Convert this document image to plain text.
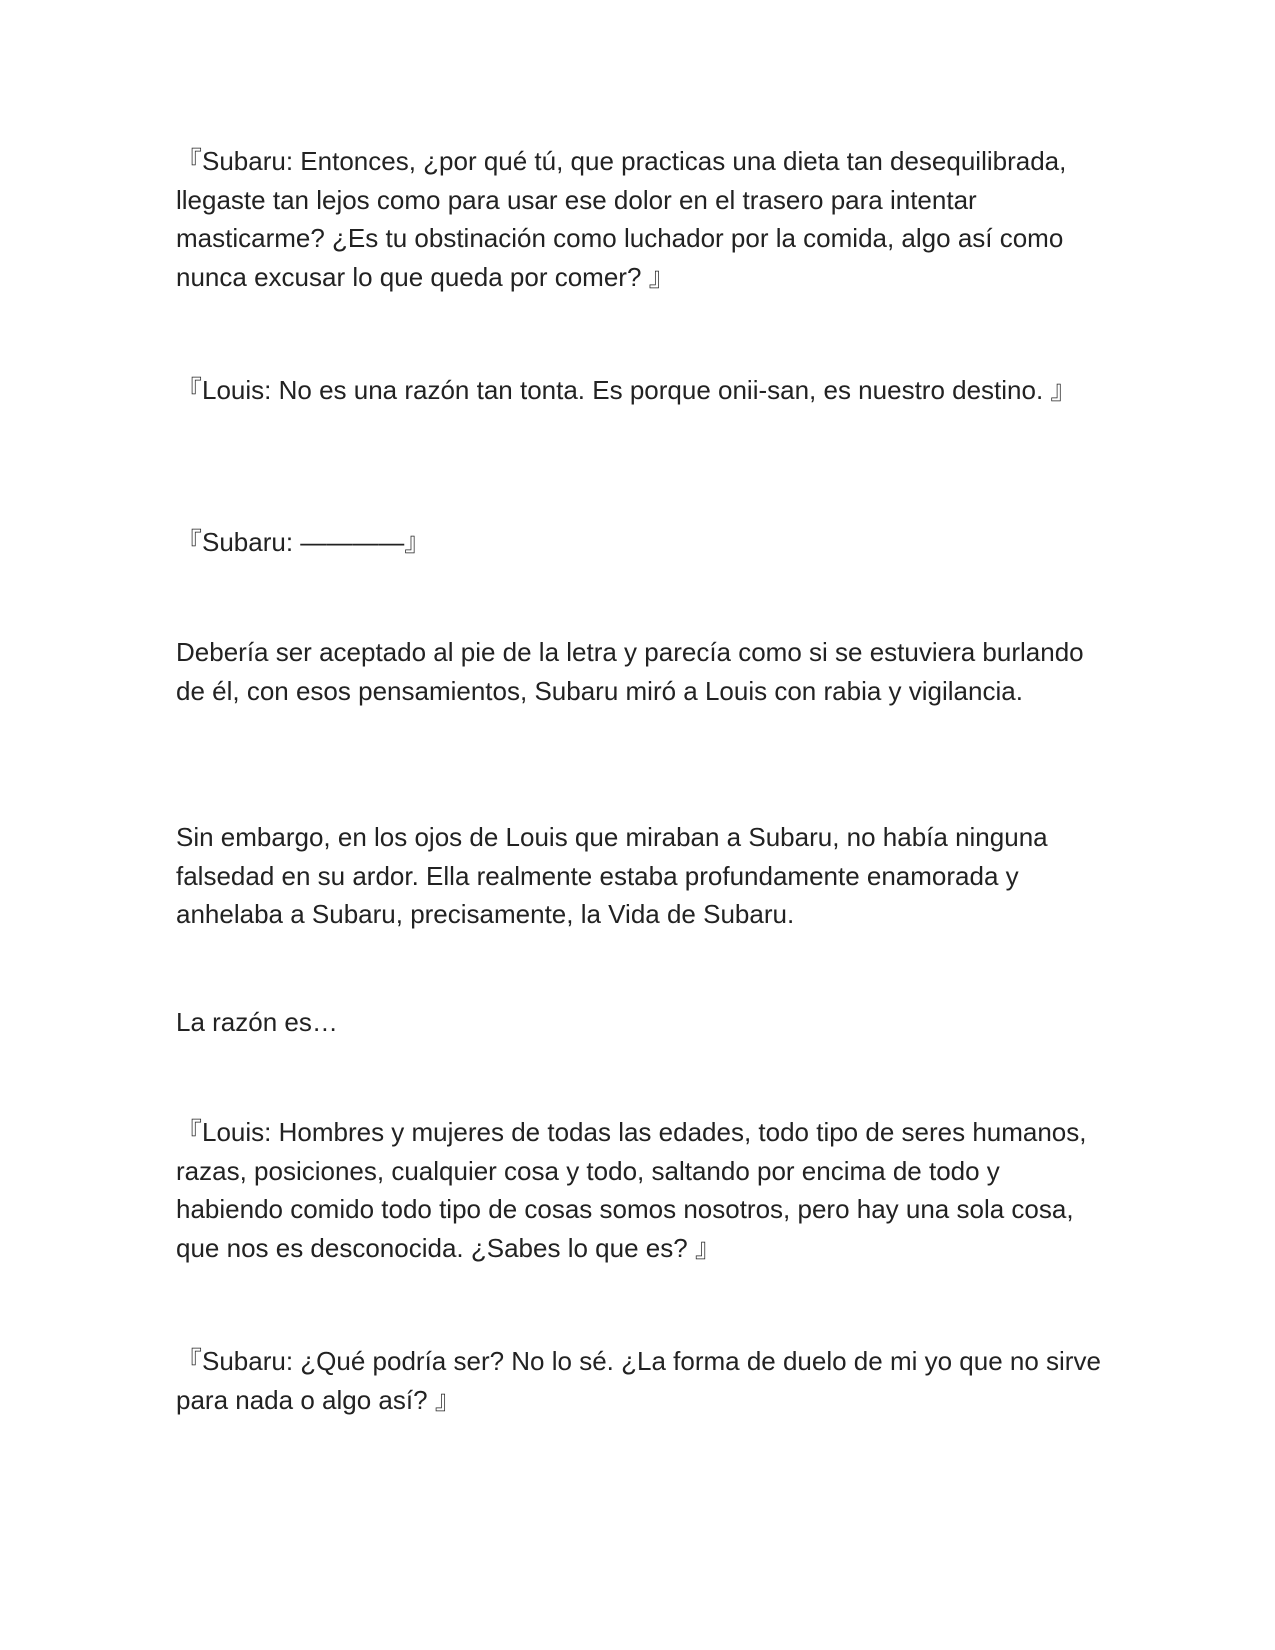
『Subaru: Entonces, ¿por qué tú, que practicas una dieta tan desequilibrada, llegaste tan lejos como para usar ese dolor en el trasero para intentar masticarme? ¿Es tu obstinación como luchador por la comida, algo así como nunca excusar lo que queda por comer? 』

『Louis: No es una razón tan tonta. Es porque onii-san, es nuestro destino. 』

『Subaru: ————』

Debería ser aceptado al pie de la letra y parecía como si se estuviera burlando de él, con esos pensamientos, Subaru miró a Louis con rabia y vigilancia.

Sin embargo, en los ojos de Louis que miraban a Subaru, no había ninguna falsedad en su ardor. Ella realmente estaba profundamente enamorada y anhelaba a Subaru, precisamente, la Vida de Subaru.

La razón es…

『Louis: Hombres y mujeres de todas las edades, todo tipo de seres humanos, razas, posiciones, cualquier cosa y todo, saltando por encima de todo y habiendo comido todo tipo de cosas somos nosotros, pero hay una sola cosa, que nos es desconocida. ¿Sabes lo que es? 』

『Subaru: ¿Qué podría ser? No lo sé. ¿La forma de duelo de mi yo que no sirve para nada o algo así? 』
